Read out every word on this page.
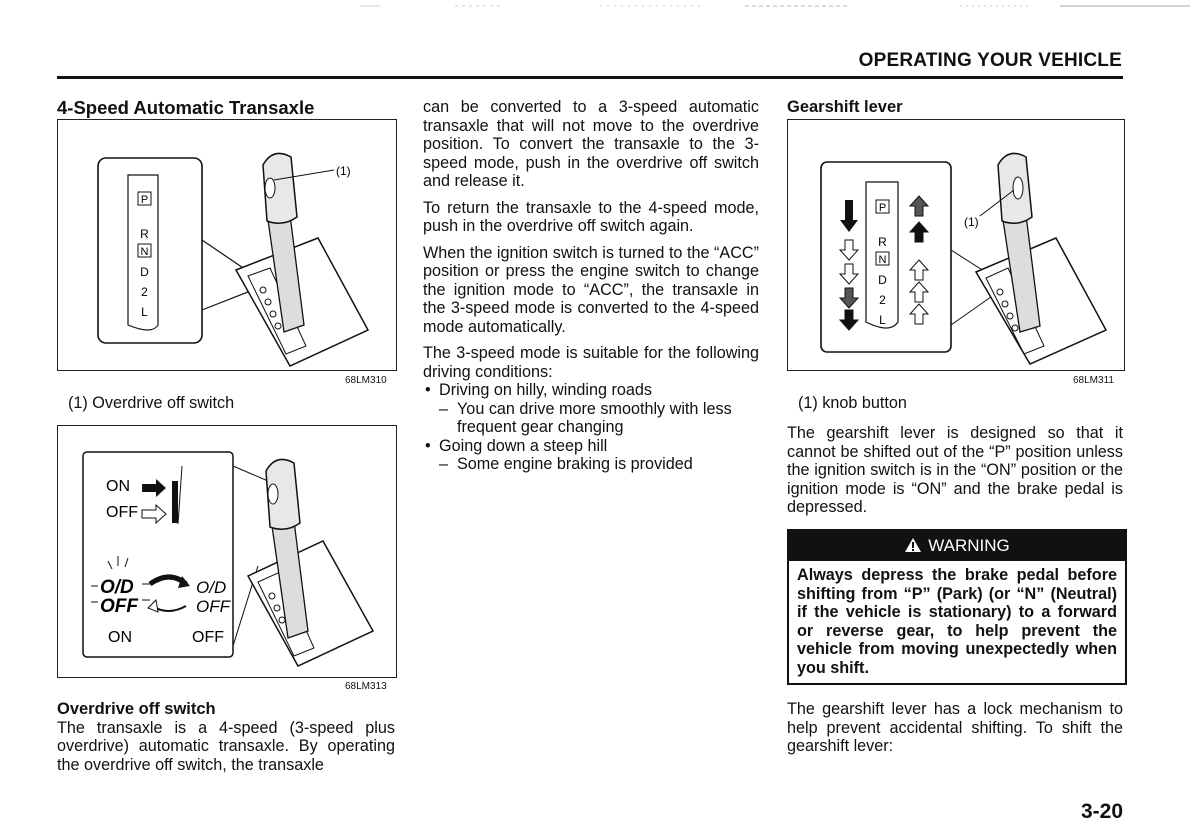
OPERATING YOUR VEHICLE
4-Speed Automatic Transaxle
P
R
N
D
2
L
(1)
68LM310
(1) Overdrive off switch
ON
OFF
O/D
OFF
O/D
OFF
ON	OFF
68LM313
Overdrive off switch

The transaxle is a 4-speed (3-speed plus overdrive) automatic transaxle. By operating the overdrive off switch, the transaxle

can be converted to a 3-speed automatic transaxle that will not move to the overdrive position. To convert the transaxle to the 3-speed mode, push in the overdrive off switch and release it.

To return the transaxle to the 4-speed mode, push in the overdrive off switch again.

When the ignition switch is turned to the “ACC” position or press the engine switch to change the ignition mode to “ACC”, the transaxle in the 3-speed mode is converted to the 4-speed mode automatically.

The 3-speed mode is suitable for the following driving conditions:

• Driving on hilly, winding roads
– You can drive more smoothly with less frequent gear changing
• Going down a steep hill
– Some engine braking is provided
Gearshift lever
P
R
N
D
2
L
(1)
68LM311
(1) knob button

The gearshift lever is designed so that it cannot be shifted out of the “P” position unless the ignition switch is in the “ON” position or the ignition mode is “ON” and the brake pedal is depressed.

WARNING
Always depress the brake pedal before shifting from “P” (Park) (or “N” (Neutral) if the vehicle is stationary) to a forward or reverse gear, to help prevent the vehicle from moving unexpectedly when you shift.

The gearshift lever has a lock mechanism to help prevent accidental shifting. To shift the gearshift lever:

3-20
